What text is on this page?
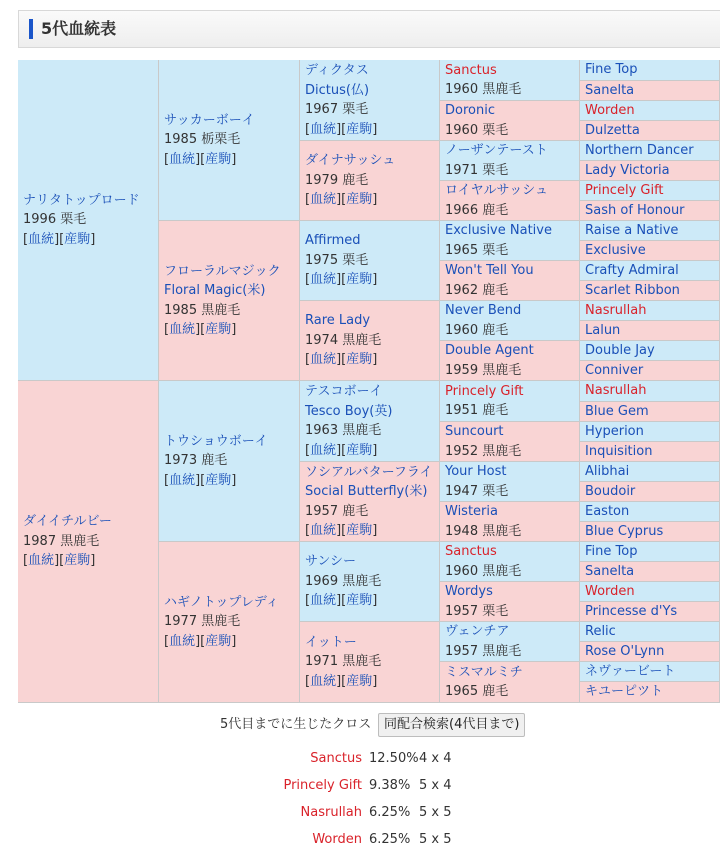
5代血統表
ナリタトップロード
1996 栗毛
[血統][産駒]
ダイイチルビー
1987 黒鹿毛
[血統][産駒]
サッカーボーイ
1985 栃栗毛
[血統][産駒]
フローラルマジック
Floral Magic(米)
1985 黒鹿毛
[血統][産駒]
トウショウボーイ
1973 鹿毛
[血統][産駒]
ハギノトップレディ
1977 黒鹿毛
[血統][産駒]
ディクタス
Dictus(仏)
1967 栗毛
[血統][産駒]
ダイナサッシュ
1979 鹿毛
[血統][産駒]
Affirmed
1975 栗毛
[血統][産駒]
Rare Lady
1974 黒鹿毛
[血統][産駒]
テスコボーイ
Tesco Boy(英)
1963 黒鹿毛
[血統][産駒]
ソシアルバターフライ
Social Butterfly(米)
1957 鹿毛
[血統][産駒]
サンシー
1969 黒鹿毛
[血統][産駒]
イットー
1971 黒鹿毛
[血統][産駒]
Sanctus
1960 黒鹿毛
Doronic
1960 栗毛
ノーザンテースト
1971 栗毛
ロイヤルサッシュ
1966 鹿毛
Exclusive Native
1965 栗毛
Won't Tell You
1962 鹿毛
Never Bend
1960 鹿毛
Double Agent
1959 黒鹿毛
Princely Gift
1951 鹿毛
Suncourt
1952 黒鹿毛
Your Host
1947 栗毛
Wisteria
1948 黒鹿毛
Sanctus
1960 黒鹿毛
Wordys
1957 栗毛
ヴェンチア
1957 黒鹿毛
ミスマルミチ
1965 鹿毛
Fine Top
Sanelta
Worden
Dulzetta
Northern Dancer
Lady Victoria
Princely Gift
Sash of Honour
Raise a Native
Exclusive
Crafty Admiral
Scarlet Ribbon
Nasrullah
Lalun
Double Jay
Conniver
Nasrullah
Blue Gem
Hyperion
Inquisition
Alibhai
Boudoir
Easton
Blue Cyprus
Fine Top
Sanelta
Worden
Princesse d'Ys
Relic
Rose O'Lynn
ネヴァービート
キユーピツト
5代目までに生じたクロス 同配合検索(4代目まで)
Sanctus 12.50% 4 x 4
Princely Gift 9.38% 5 x 4
Nasrullah 6.25% 5 x 5
Worden 6.25% 5 x 5
